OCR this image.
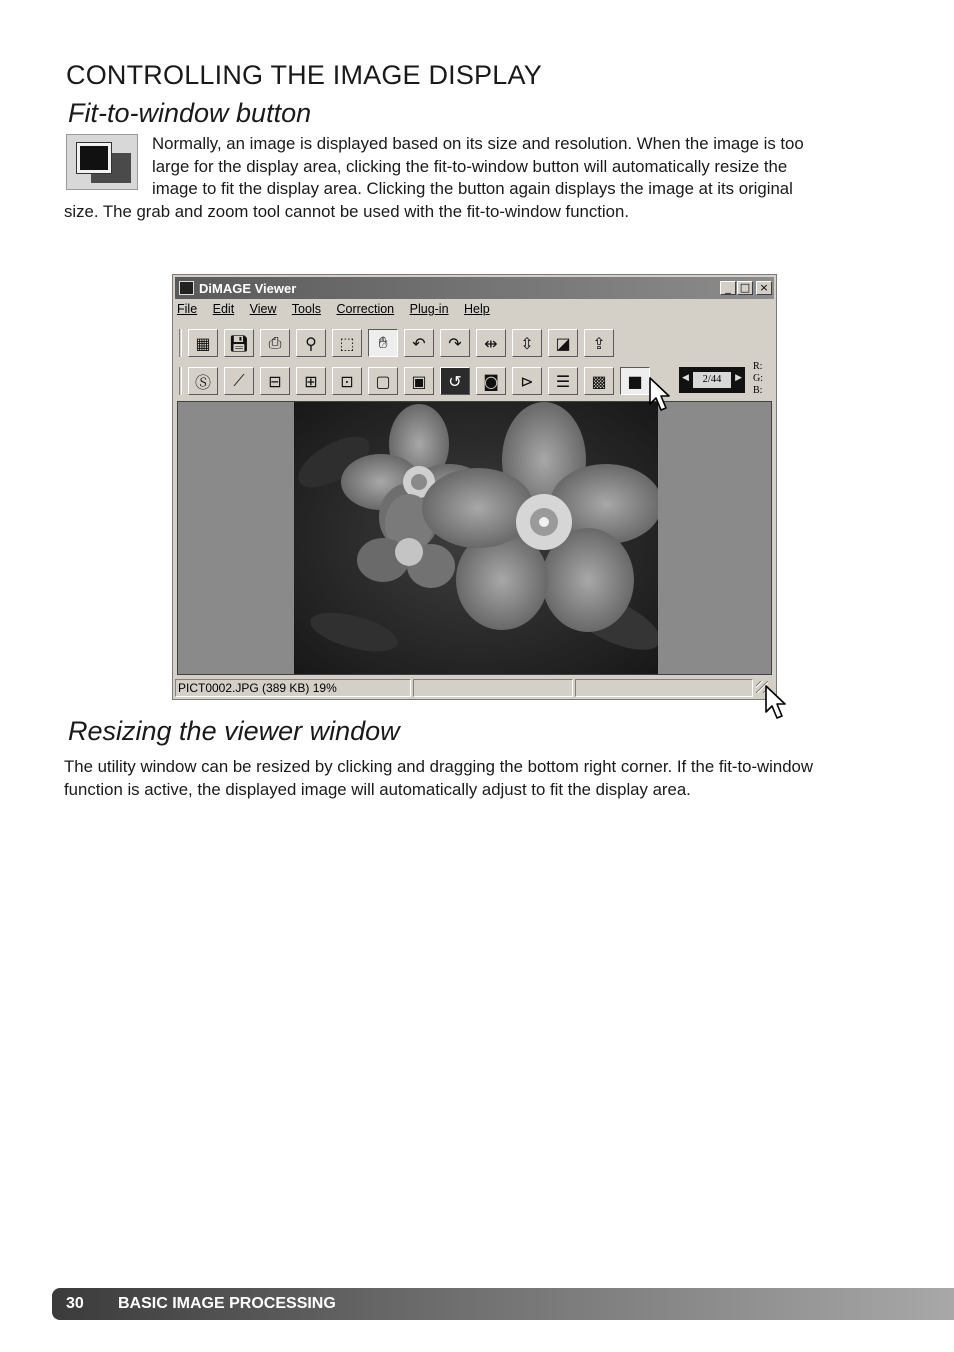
CONTROLLING THE IMAGE DISPLAY
Fit-to-window button
Normally, an image is displayed based on its size and resolution. When the image is too
large for the display area, clicking the fit-to-window button will automatically resize the
image to fit the display area. Clicking the button again displays the image at its original
size. The grab and zoom tool cannot be used with the fit-to-window function.
DiMAGE Viewer	_ □ ×
File Edit View Tools Correction Plug-in Help
▦	💾︎	⎙	⚲	⬚	✋︎	↶	↷	⇹	⇳	◪	⇪
Ⓢ	⟋	⊟	⊞	⊡	▢	▣	↺	◙	⊳	☰	▩	■	◀	2/44	▶
R:
G:
B:
PICT0002.JPG (389 KB) 19%
Resizing the viewer window
The utility window can be resized by clicking and dragging the bottom right corner. If the fit-to-window
function is active, the displayed image will automatically adjust to fit the display area.
30 BASIC IMAGE PROCESSING
